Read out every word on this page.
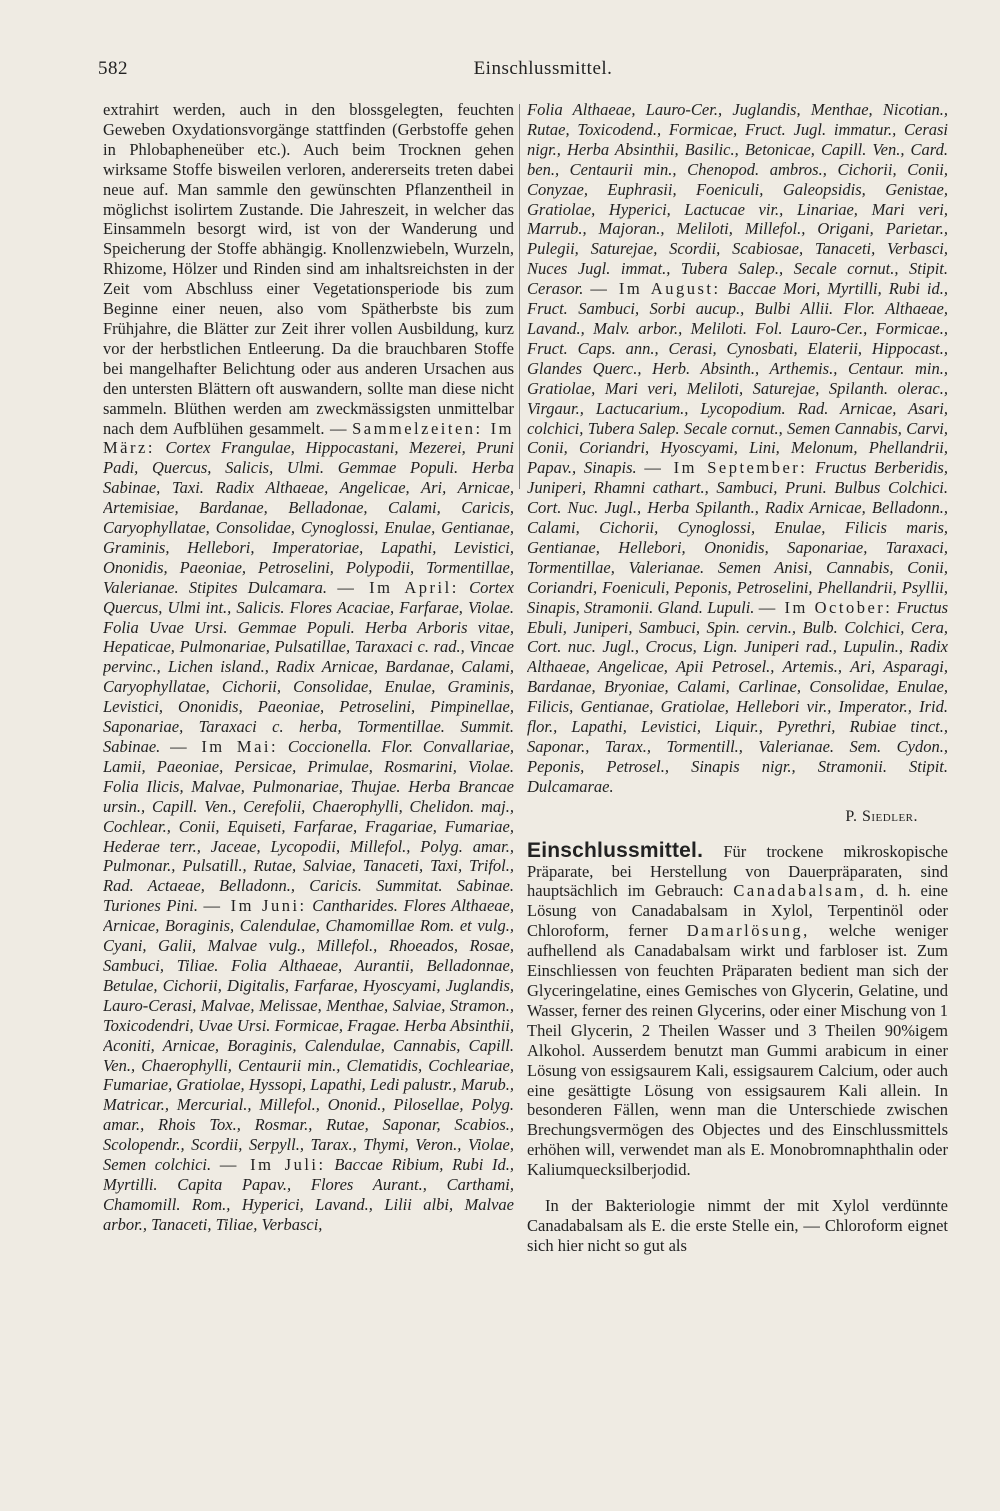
582	Einschlussmittel.

extrahirt werden, auch in den blossgelegten, feuchten Geweben Oxydationsvorgänge stattfinden (Gerbstoffe gehen in Phlobapheneüber etc.). Auch beim Trocknen gehen wirksame Stoffe bisweilen verloren, andererseits treten dabei neue auf. Man sammle den gewünschten Pflanzentheil in möglichst isolirtem Zustande. Die Jahreszeit, in welcher das Einsammeln besorgt wird, ist von der Wanderung und Speicherung der Stoffe abhängig. Knollenzwiebeln, Wurzeln, Rhizome, Hölzer und Rinden sind am inhaltsreichsten in der Zeit vom Abschluss einer Vegetationsperiode bis zum Beginne einer neuen, also vom Spätherbste bis zum Frühjahre, die Blätter zur Zeit ihrer vollen Ausbildung, kurz vor der herbstlichen Entleerung. Da die brauchbaren Stoffe bei mangelhafter Belichtung oder aus anderen Ursachen aus den untersten Blättern oft auswandern, sollte man diese nicht sammeln. Blüthen werden am zweckmässigsten unmittelbar nach dem Aufblühen gesammelt. — Sammelzeiten: Im März: Cortex Frangulae, Hippocastani, Mezerei, Pruni Padi, Quercus, Salicis, Ulmi. Gemmae Populi. Herba Sabinae, Taxi. Radix Althaeae, Angelicae, Ari, Arnicae, Artemisiae, Bardanae, Belladonae, Calami, Caricis, Caryophyllatae, Consolidae, Cynoglossi, Enulae, Gentianae, Graminis, Hellebori, Imperatoriae, Lapathi, Levistici, Ononidis, Paeoniae, Petroselini, Polypodii, Tormentillae, Valerianae. Stipites Dulcamara. — Im April: Cortex Quercus, Ulmi int., Salicis. Flores Acaciae, Farfarae, Violae. Folia Uvae Ursi. Gemmae Populi. Herba Arboris vitae, Hepaticae, Pulmonariae, Pulsatillae, Taraxaci c. rad., Vincae pervinc., Lichen island., Radix Arnicae, Bardanae, Calami, Caryophyllatae, Cichorii, Consolidae, Enulae, Graminis, Levistici, Ononidis, Paeoniae, Petroselini, Pimpinellae, Saponariae, Taraxaci c. herba, Tormentillae. Summit. Sabinae. — Im Mai: Coccionella. Flor. Convallariae, Lamii, Paeoniae, Persicae, Primulae, Rosmarini, Violae. Folia Ilicis, Malvae, Pulmonariae, Thujae. Herba Brancae ursin., Capill. Ven., Cerefolii, Chaerophylli, Chelidon. maj., Cochlear., Conii, Equiseti, Farfarae, Fragariae, Fumariae, Hederae terr., Jaceae, Lycopodii, Millefol., Polyg. amar., Pulmonar., Pulsatill., Rutae, Salviae, Tanaceti, Taxi, Trifol., Rad. Actaeae, Belladonn., Caricis. Summitat. Sabinae. Turiones Pini. — Im Juni: Cantharides. Flores Althaeae, Arnicae, Boraginis, Calendulae, Chamomillae Rom. et vulg., Cyani, Galii, Malvae vulg., Millefol., Rhoeados, Rosae, Sambuci, Tiliae. Folia Althaeae, Aurantii, Belladonnae, Betulae, Cichorii, Digitalis, Farfarae, Hyoscyami, Juglandis, Lauro-Cerasi, Malvae, Melissae, Menthae, Salviae, Stramon., Toxicodendri, Uvae Ursi. Formicae, Fragae. Herba Absinthii, Aconiti, Arnicae, Boraginis, Calendulae, Cannabis, Capill. Ven., Chaerophylli, Centaurii min., Clematidis, Cochleariae, Fumariae, Gratiolae, Hyssopi, Lapathi, Ledi palustr., Marub., Matricar., Mercurial., Millefol., Ononid., Pilosellae, Polyg. amar., Rhois Tox., Rosmar., Rutae, Saponar, Scabios., Scolopendr., Scordii, Serpyll., Tarax., Thymi, Veron., Violae, Semen colchici. — Im Juli: Baccae Ribium, Rubi Id., Myrtilli. Capita Papav., Flores Aurant., Carthami, Chamomill. Rom., Hyperici, Lavand., Lilii albi, Malvae arbor., Tanaceti, Tiliae, Verbasci,

Folia Althaeae, Lauro-Cer., Juglandis, Menthae, Nicotian., Rutae, Toxicodend., Formicae, Fruct. Jugl. immatur., Cerasi nigr., Herba Absinthii, Basilic., Betonicae, Capill. Ven., Card. ben., Centaurii min., Chenopod. ambros., Cichorii, Conii, Conyzae, Euphrasii, Foeniculi, Galeopsidis, Genistae, Gratiolae, Hyperici, Lactucae vir., Linariae, Mari veri, Marrub., Majoran., Meliloti, Millefol., Origani, Parietar., Pulegii, Saturejae, Scordii, Scabiosae, Tanaceti, Verbasci, Nuces Jugl. immat., Tubera Salep., Secale cornut., Stipit. Cerasor. — Im August: Baccae Mori, Myrtilli, Rubi id., Fruct. Sambuci, Sorbi aucup., Bulbi Allii. Flor. Althaeae, Lavand., Malv. arbor., Meliloti. Fol. Lauro-Cer., Formicae., Fruct. Caps. ann., Cerasi, Cynosbati, Elaterii, Hippocast., Glandes Querc., Herb. Absinth., Arthemis., Centaur. min., Gratiolae, Mari veri, Meliloti, Saturejae, Spilanth. olerac., Virgaur., Lactucarium., Lycopodium. Rad. Arnicae, Asari, colchici, Tubera Salep. Secale cornut., Semen Cannabis, Carvi, Conii, Coriandri, Hyoscyami, Lini, Melonum, Phellandrii, Papav., Sinapis. — Im September: Fructus Berberidis, Juniperi, Rhamni cathart., Sambuci, Pruni. Bulbus Colchici. Cort. Nuc. Jugl., Herba Spilanth., Radix Arnicae, Belladonn., Calami, Cichorii, Cynoglossi, Enulae, Filicis maris, Gentianae, Hellebori, Ononidis, Saponariae, Taraxaci, Tormentillae, Valerianae. Semen Anisi, Cannabis, Conii, Coriandri, Foeniculi, Peponis, Petroselini, Phellandrii, Psyllii, Sinapis, Stramonii. Gland. Lupuli. — Im October: Fructus Ebuli, Juniperi, Sambuci, Spin. cervin., Bulb. Colchici, Cera, Cort. nuc. Jugl., Crocus, Lign. Juniperi rad., Lupulin., Radix Althaeae, Angelicae, Apii Petrosel., Artemis., Ari, Asparagi, Bardanae, Bryoniae, Calami, Carlinae, Consolidae, Enulae, Filicis, Gentianae, Gratiolae, Hellebori vir., Imperator., Irid. flor., Lapathi, Levistici, Liquir., Pyrethri, Rubiae tinct., Saponar., Tarax., Tormentill., Valerianae. Sem. Cydon., Peponis, Petrosel., Sinapis nigr., Stramonii. Stipit. Dulcamarae.

P. Siedler.

Einschlussmittel. Für trockene mikroskopische Präparate, bei Herstellung von Dauerpräparaten, sind hauptsächlich im Gebrauch: Canadabalsam, d. h. eine Lösung von Canadabalsam in Xylol, Terpentinöl oder Chloroform, ferner Damarlösung, welche weniger aufhellend als Canadabalsam wirkt und farbloser ist. Zum Einschliessen von feuchten Präparaten bedient man sich der Glyceringelatine, eines Gemisches von Glycerin, Gelatine, und Wasser, ferner des reinen Glycerins, oder einer Mischung von 1 Theil Glycerin, 2 Theilen Wasser und 3 Theilen 90%igem Alkohol. Ausserdem benutzt man Gummi arabicum in einer Lösung von essigsaurem Kali, essigsaurem Calcium, oder auch eine gesättigte Lösung von essigsaurem Kali allein. In besonderen Fällen, wenn man die Unterschiede zwischen Brechungsvermögen des Objectes und des Einschlussmittels erhöhen will, verwendet man als E. Monobromnaphthalin oder Kaliumquecksilberjodid.

In der Bakteriologie nimmt der mit Xylol verdünnte Canadabalsam als E. die erste Stelle ein, — Chloroform eignet sich hier nicht so gut als
